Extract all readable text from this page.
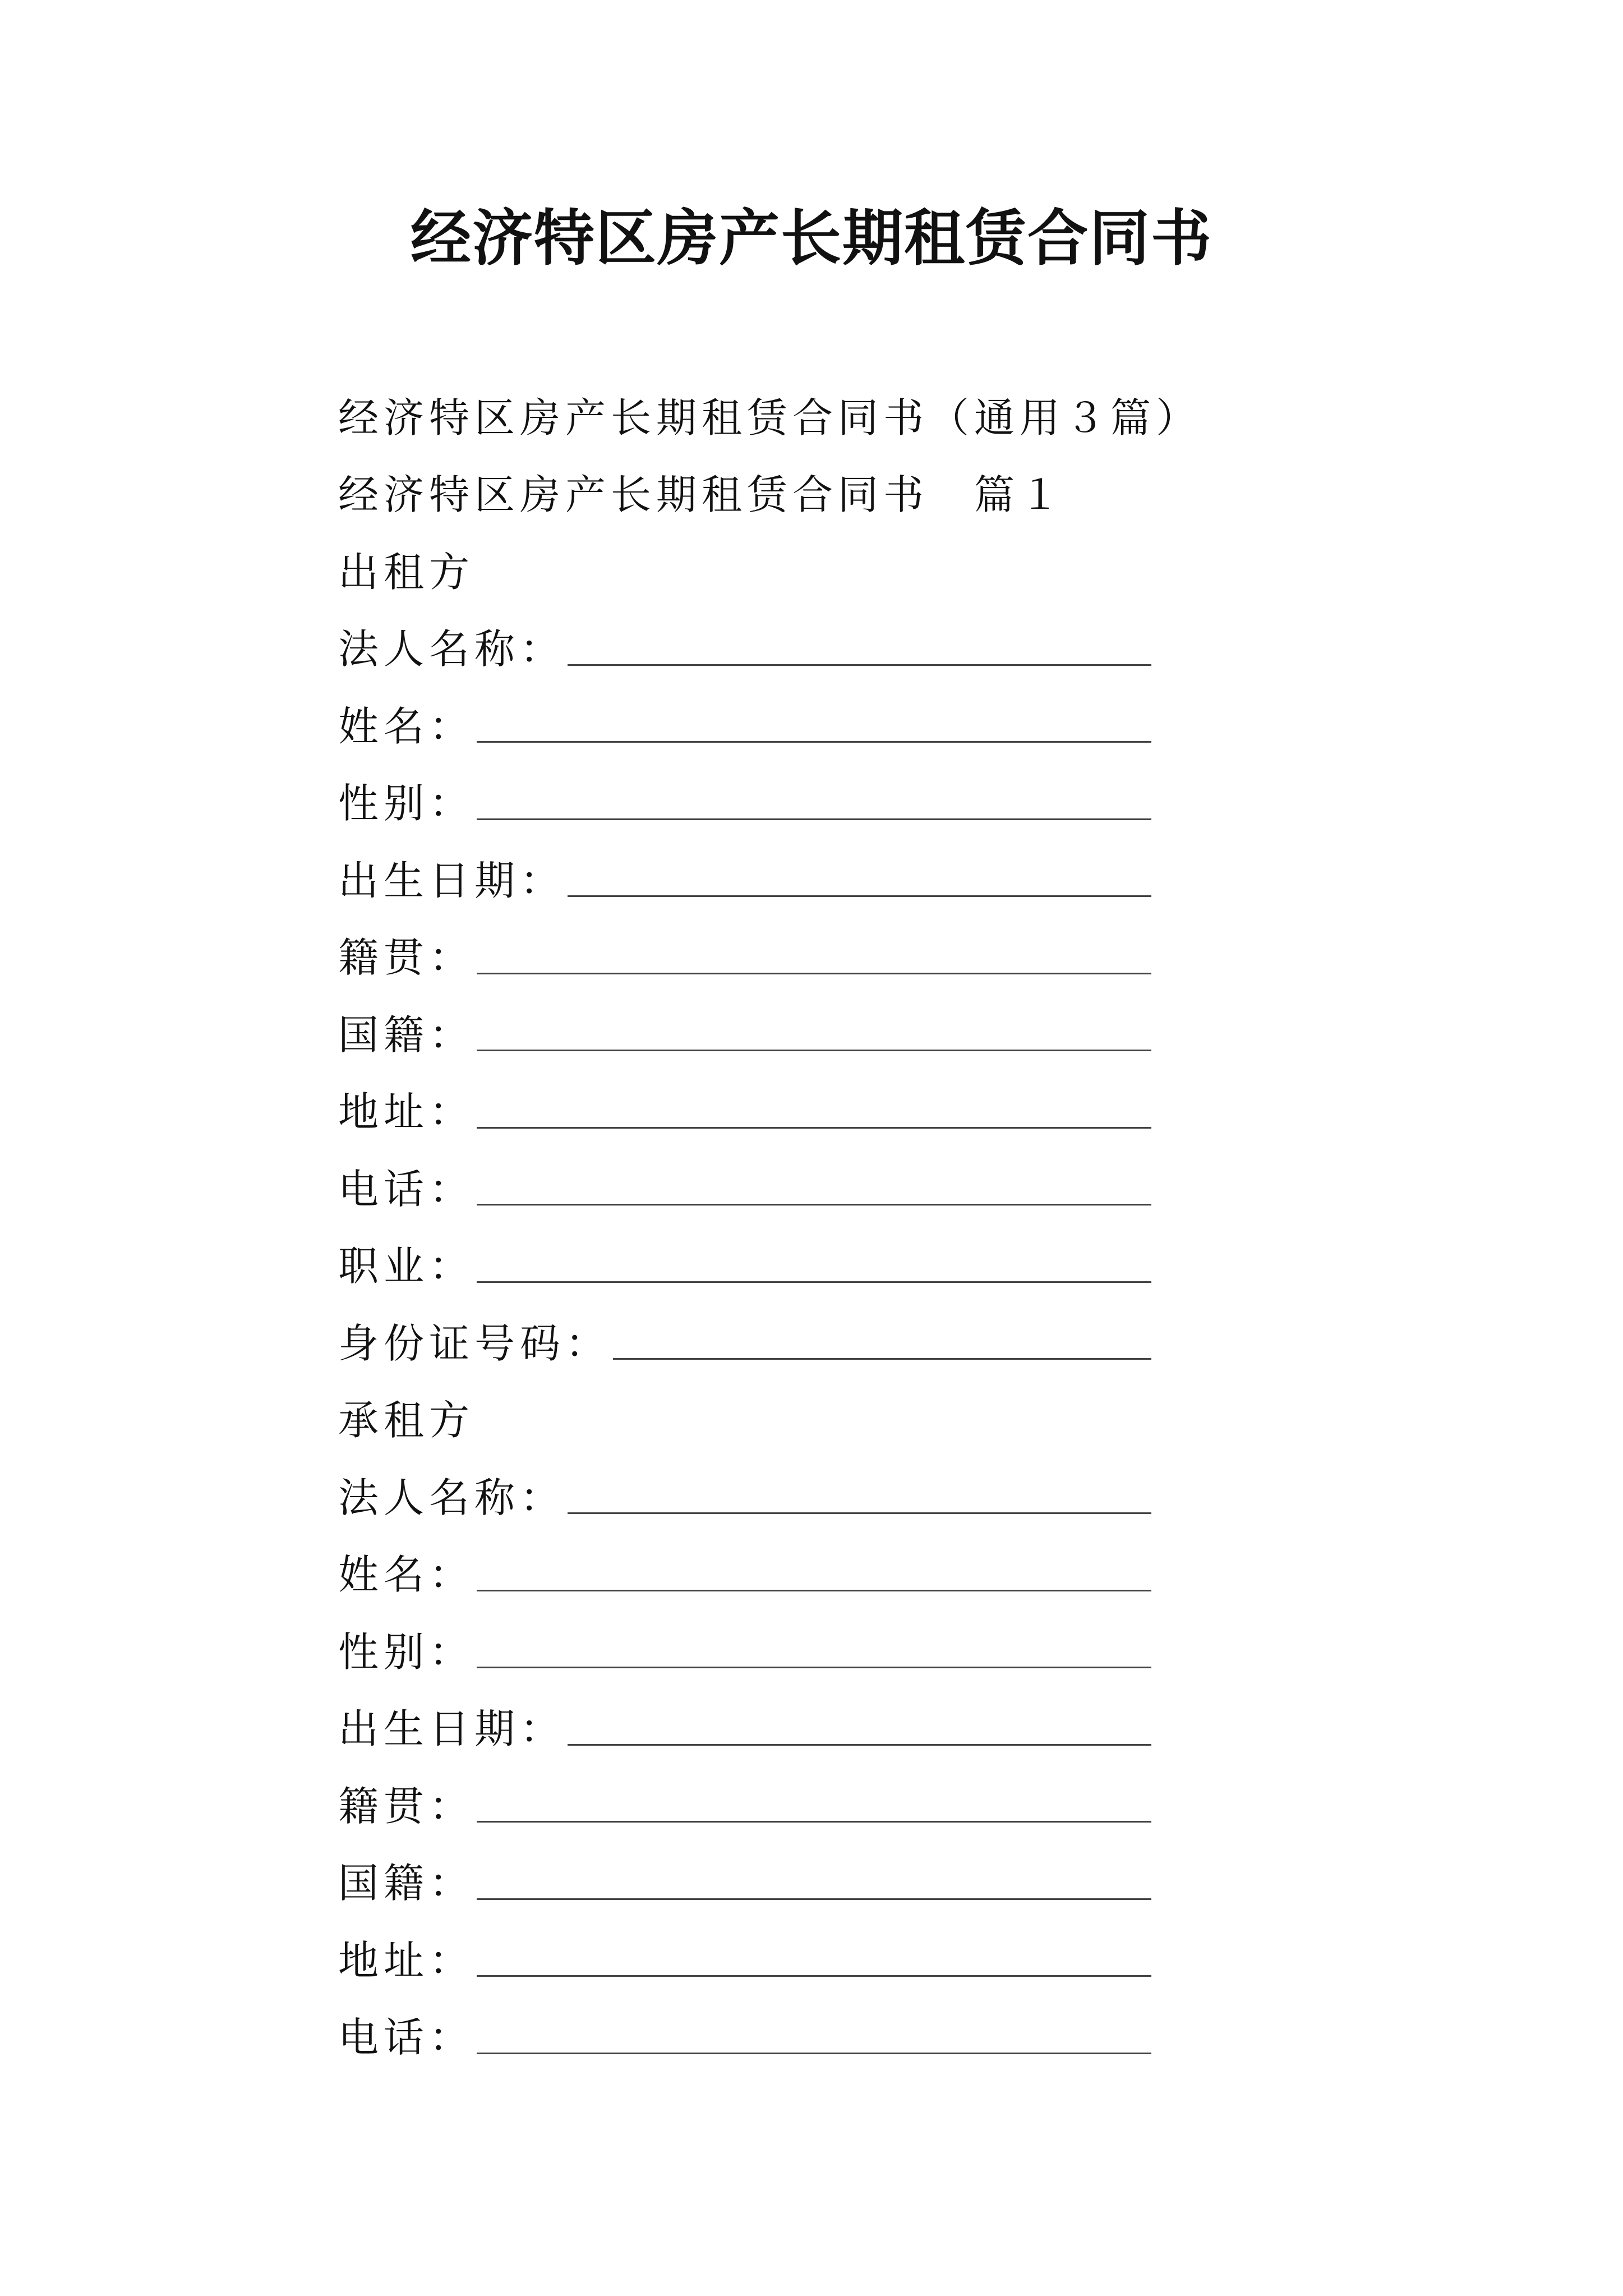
经济特区房产长期租赁合同书
经济特区房产长期租赁合同书（通用３篇）
经济特区房产长期租赁合同书　篇１
出租方
法人名称：
姓名：
性别：
出生日期：
籍贯：
国籍：
地址：
电话：
职业：
身份证号码：
承租方
法人名称：
姓名：
性别：
出生日期：
籍贯：
国籍：
地址：
电话：
